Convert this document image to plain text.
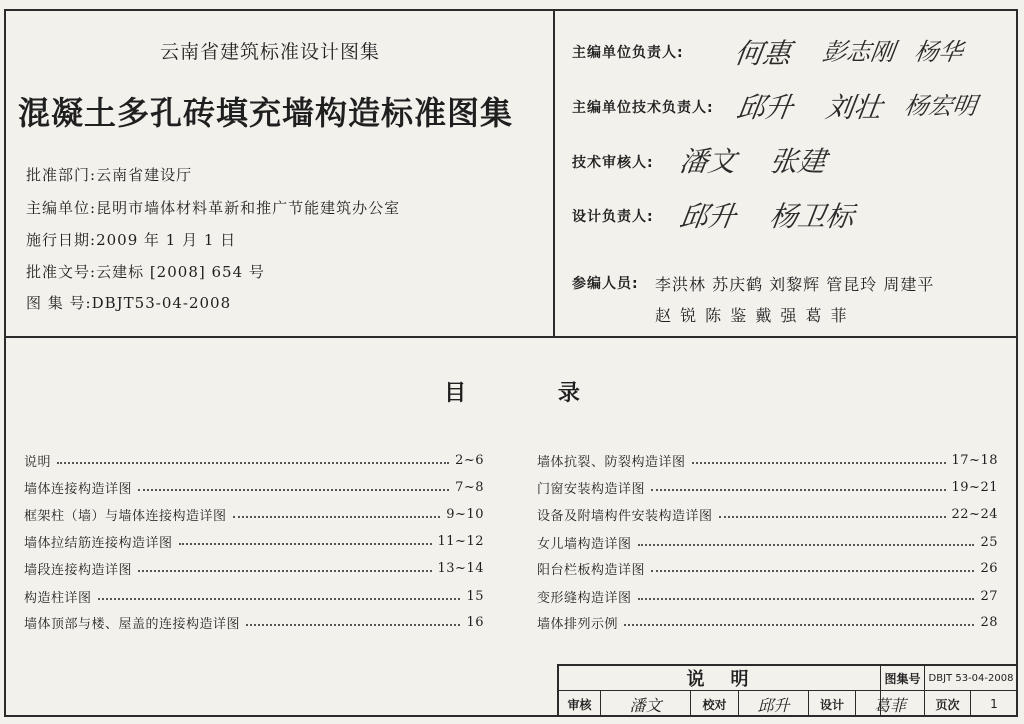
云南省建筑标准设计图集
混凝土多孔砖填充墙构造标准图集
批准部门:云南省建设厅
主编单位:昆明市墙体材料革新和推广节能建筑办公室
施行日期:2009 年 1 月 1 日
批准文号:云建标 [2008] 654 号
图 集 号:DBJT53-04-2008
主编单位负责人: 何惠 彭志刚 杨华
主编单位技术负责人: 邱升 刘壮 杨宏明
技术审核人: 潘文 张建
设计负责人: 邱升 杨卫标
参编人员: 李洪林 苏庆鹤 刘黎辉 管昆玲 周建平
赵 锐 陈 鉴 戴 强 葛 菲
目 录
说明	2~6
墙体连接构造详图	7~8
框架柱（墙）与墙体连接构造详图	9~10
墙体拉结筋连接构造详图	11~12
墙段连接构造详图	13~14
构造柱详图	15
墙体顶部与楼、屋盖的连接构造详图	16
墙体抗裂、防裂构造详图	17~18
门窗安装构造详图	19~21
设备及附墙构件安装构造详图	22~24
女儿墙构造详图	25
阳台栏板构造详图	26
变形缝构造详图	27
墙体排列示例	28
说　明	图集号 DBJT 53-04-2008
审核	潘文	校对	邱升	设计	葛菲	页次	1
